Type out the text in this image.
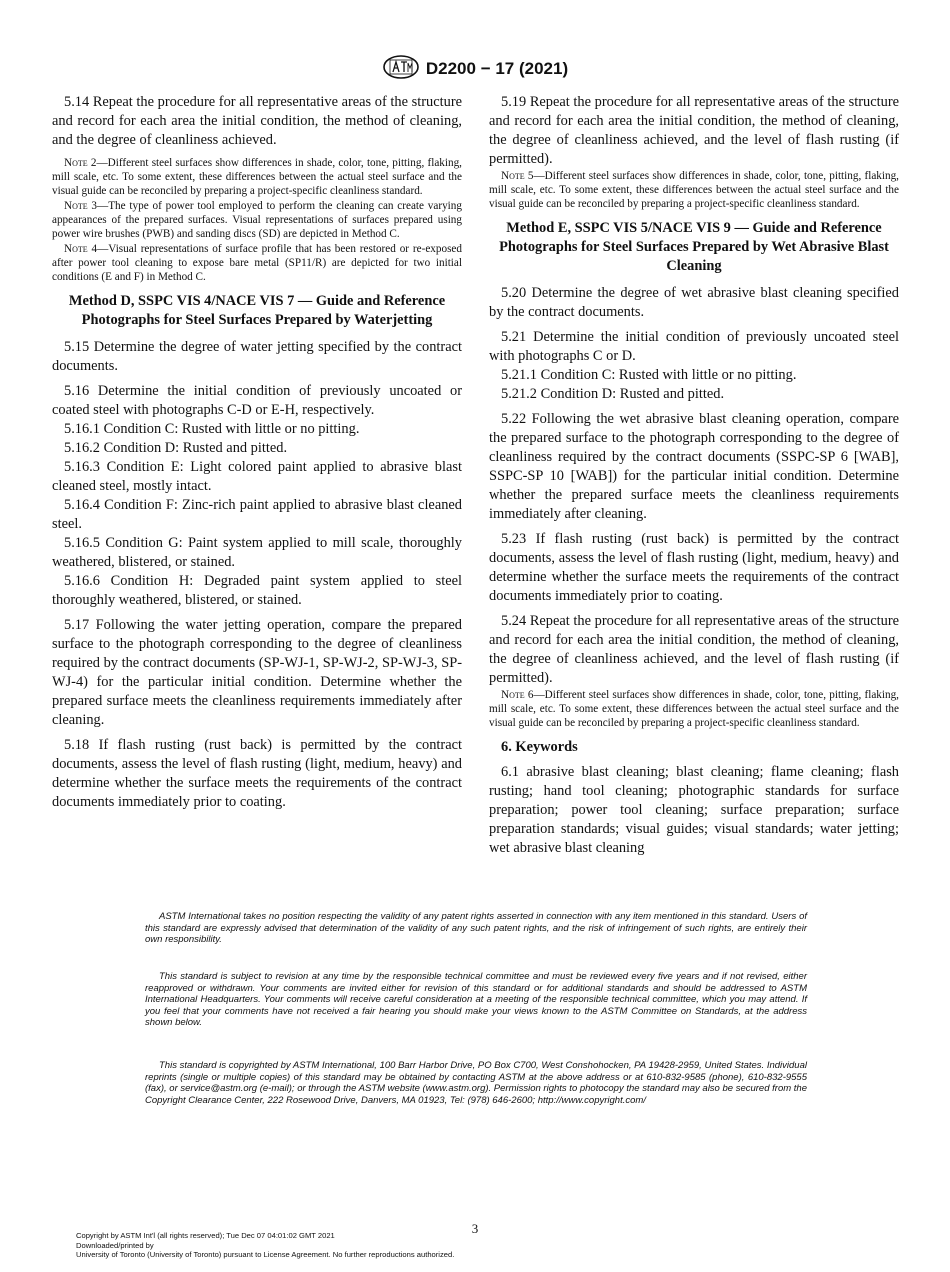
D2200 − 17 (2021)

5.14 Repeat the procedure for all representative areas of the structure and record for each area the initial condition, the method of cleaning, and the degree of cleanliness achieved.

Note 2—Different steel surfaces show differences in shade, color, tone, pitting, flaking, mill scale, etc. To some extent, these differences between the actual steel surface and the visual guide can be reconciled by preparing a project-specific cleanliness standard.

Note 3—The type of power tool employed to perform the cleaning can create varying appearances of the prepared surfaces. Visual representations of surfaces prepared using power wire brushes (PWB) and sanding discs (SD) are depicted in Method C.

Note 4—Visual representations of surface profile that has been restored or re-exposed after power tool cleaning to expose bare metal (SP11/R) are depicted for two initial conditions (E and F) in Method C.

Method D, SSPC VIS 4/NACE VIS 7 — Guide and Reference Photographs for Steel Surfaces Prepared by Waterjetting

5.15 Determine the degree of water jetting specified by the contract documents.

5.16 Determine the initial condition of previously uncoated or coated steel with photographs C-D or E-H, respectively.

5.16.1 Condition C: Rusted with little or no pitting.

5.16.2 Condition D: Rusted and pitted.

5.16.3 Condition E: Light colored paint applied to abrasive blast cleaned steel, mostly intact.

5.16.4 Condition F: Zinc-rich paint applied to abrasive blast cleaned steel.

5.16.5 Condition G: Paint system applied to mill scale, thoroughly weathered, blistered, or stained.

5.16.6 Condition H: Degraded paint system applied to steel thoroughly weathered, blistered, or stained.

5.17 Following the water jetting operation, compare the prepared surface to the photograph corresponding to the degree of cleanliness required by the contract documents (SP-WJ-1, SP-WJ-2, SP-WJ-3, SP-WJ-4) for the particular initial condition. Determine whether the prepared surface meets the cleanliness requirements immediately after cleaning.

5.18 If flash rusting (rust back) is permitted by the contract documents, assess the level of flash rusting (light, medium, heavy) and determine whether the surface meets the requirements of the contract documents immediately prior to coating.

5.19 Repeat the procedure for all representative areas of the structure and record for each area the initial condition, the method of cleaning, the degree of cleanliness achieved, and the level of flash rusting (if permitted).

Note 5—Different steel surfaces show differences in shade, color, tone, pitting, flaking, mill scale, etc. To some extent, these differences between the actual steel surface and the visual guide can be reconciled by preparing a project-specific cleanliness standard.

Method E, SSPC VIS 5/NACE VIS 9 — Guide and Reference Photographs for Steel Surfaces Prepared by Wet Abrasive Blast Cleaning

5.20 Determine the degree of wet abrasive blast cleaning specified by the contract documents.

5.21 Determine the initial condition of previously uncoated steel with photographs C or D.

5.21.1 Condition C: Rusted with little or no pitting.

5.21.2 Condition D: Rusted and pitted.

5.22 Following the wet abrasive blast cleaning operation, compare the prepared surface to the photograph corresponding to the degree of cleanliness required by the contract documents (SSPC-SP 6 [WAB], SSPC-SP 10 [WAB]) for the particular initial condition. Determine whether the prepared surface meets the cleanliness requirements immediately after cleaning.

5.23 If flash rusting (rust back) is permitted by the contract documents, assess the level of flash rusting (light, medium, heavy) and determine whether the surface meets the requirements of the contract documents immediately prior to coating.

5.24 Repeat the procedure for all representative areas of the structure and record for each area the initial condition, the method of cleaning, the degree of cleanliness achieved, and the level of flash rusting (if permitted).

Note 6—Different steel surfaces show differences in shade, color, tone, pitting, flaking, mill scale, etc. To some extent, these differences between the actual steel surface and the visual guide can be reconciled by preparing a project-specific cleanliness standard.

6. Keywords

6.1 abrasive blast cleaning; blast cleaning; flame cleaning; flash rusting; hand tool cleaning; photographic standards for surface preparation; power tool cleaning; surface preparation; surface preparation standards; visual guides; visual standards; water jetting; wet abrasive blast cleaning

ASTM International takes no position respecting the validity of any patent rights asserted in connection with any item mentioned in this standard. Users of this standard are expressly advised that determination of the validity of any such patent rights, and the risk of infringement of such rights, are entirely their own responsibility.

This standard is subject to revision at any time by the responsible technical committee and must be reviewed every five years and if not revised, either reapproved or withdrawn. Your comments are invited either for revision of this standard or for additional standards and should be addressed to ASTM International Headquarters. Your comments will receive careful consideration at a meeting of the responsible technical committee, which you may attend. If you feel that your comments have not received a fair hearing you should make your views known to the ASTM Committee on Standards, at the address shown below.

This standard is copyrighted by ASTM International, 100 Barr Harbor Drive, PO Box C700, West Conshohocken, PA 19428-2959, United States. Individual reprints (single or multiple copies) of this standard may be obtained by contacting ASTM at the above address or at 610-832-9585 (phone), 610-832-9555 (fax), or service@astm.org (e-mail); or through the ASTM website (www.astm.org). Permission rights to photocopy the standard may also be secured from the Copyright Clearance Center, 222 Rosewood Drive, Danvers, MA 01923, Tel: (978) 646-2600; http://www.copyright.com/

3
Copyright by ASTM Int'l (all rights reserved); Tue Dec 07 04:01:02 GMT 2021
Downloaded/printed by
University of Toronto (University of Toronto) pursuant to License Agreement. No further reproductions authorized.
